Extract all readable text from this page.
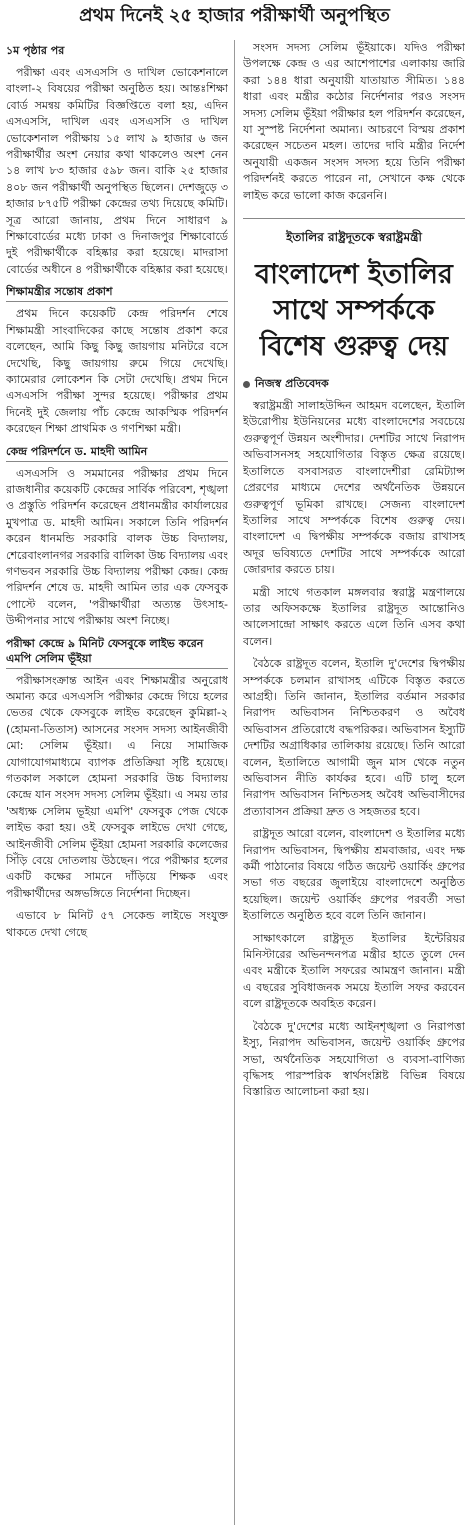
প্রথম দিনেই ২৫ হাজার পরীক্ষার্থী অনুপস্থিত
১ম পৃষ্ঠার পর

পরীক্ষা এবং এসএসসি ও দাখিল ভোকেশনালে বাংলা-২ বিষয়ের পরীক্ষা অনুষ্ঠিত হয়। আন্তঃশিক্ষা বোর্ড সমন্বয় কমিটির বিজ্ঞপ্তিতে বলা হয়, এদিন এসএসসি, দাখিল এবং এসএসসি ও দাখিল ভোকেশনাল পরীক্ষায় ১৫ লাখ ৯ হাজার ৬ জন পরীক্ষার্থীর অংশ নেয়ার কথা থাকলেও অংশ নেন ১৪ লাখ ৮৩ হাজার ৫৯৮ জন। বাকি ২৫ হাজার ৪০৮ জন পরীক্ষার্থী অনুপস্থিত ছিলেন। দেশজুড়ে ৩ হাজার ৮৭৫টি পরীক্ষা কেন্দ্রের তথ্য দিয়েছে কমিটি। সূত্র আরো জানায়, প্রথম দিনে সাধারণ ৯ শিক্ষাবোর্ডের মধ্যে ঢাকা ও দিনাজপুর শিক্ষাবোর্ডে দুই পরীক্ষার্থীকে বহিষ্কার করা হয়েছে। মাদরাসা বোর্ডের অধীনে ৪ পরীক্ষার্থীকে বহিষ্কার করা হয়েছে।

শিক্ষামন্ত্রীর সন্তোষ প্রকাশ

প্রথম দিনে কয়েকটি কেন্দ্র পরিদর্শন শেষে শিক্ষামন্ত্রী সাংবাদিকের কাছে সন্তোষ প্রকাশ করে বলেছেন, আমি কিছু কিছু জায়গায় মনিটরে বসে দেখেছি, কিছু জায়গায় রুমে গিয়ে দেখেছি। ক্যামেরার লোকেশন কি সেটা দেখেছি। প্রথম দিনে এসএসসি পরীক্ষা সুন্দর হয়েছে। পরীক্ষার প্রথম দিনেই দুই জেলায় পাঁচ কেন্দ্রে আকস্মিক পরিদর্শন করেছেন শিক্ষা প্রাথমিক ও গণশিক্ষা মন্ত্রী।

কেন্দ্র পরিদর্শনে ড. মাহদী আমিন

এসএসসি ও সমমানের পরীক্ষার প্রথম দিনে রাজধানীর কয়েকটি কেন্দ্রের সার্বিক পরিবেশ, শৃঙ্খলা ও প্রস্তুতি পরিদর্শন করেছেন প্রধানমন্ত্রীর কার্যালয়ের মুখপাত্র ড. মাহদী আমিন। সকালে তিনি পরিদর্শন করেন ধানমন্ডি সরকারি বালক উচ্চ বিদ্যালয়, শেরেবাংলানগর সরকারি বালিকা উচ্চ বিদ্যালয় এবং গণভবন সরকারি উচ্চ বিদ্যালয় পরীক্ষা কেন্দ্র। কেন্দ্র পরিদর্শন শেষে ড. মাহদী আমিন তার এক ফেসবুক পোস্টে বলেন, 'পরীক্ষার্থীরা অত্যন্ত উৎসাহ-উদ্দীপনার সাথে পরীক্ষায় অংশ নিচ্ছে।

পরীক্ষা কেন্দ্রে ৯ মিনিট ফেসবুকে লাইভ করেন এমপি সেলিম ভূঁইয়া

পরীক্ষাসংক্রান্ত আইন এবং শিক্ষামন্ত্রীর অনুরোধ অমান্য করে এসএসসি পরীক্ষার কেন্দ্রে গিয়ে হলের ভেতর থেকে ফেসবুকে লাইভ করেছেন কুমিল্লা-২ (হোমনা-তিতাস) আসনের সংসদ সদস্য আইনজীবী মো: সেলিম ভূঁইয়া। এ নিয়ে সামাজিক যোগাযোগমাধ্যমে ব্যাপক প্রতিক্রিয়া সৃষ্টি হয়েছে। গতকাল সকালে হোমনা সরকারি উচ্চ বিদ্যালয় কেন্দ্রে যান সংসদ সদস্য সেলিম ভূঁইয়া। এ সময় তার 'অধ্যক্ষ সেলিম ভূইয়া এমপি' ফেসবুক পেজ থেকে লাইভ করা হয়। ওই ফেসবুক লাইভে দেখা গেছে, আইনজীবী সেলিম ভূঁইয়া হোমনা সরকারি কলেজের সিঁড়ি বেয়ে দোতলায় উঠছেন। পরে পরীক্ষার হলের একটি কক্ষের সামনে দাঁড়িয়ে শিক্ষক এবং পরীক্ষার্থীদের অঙ্গভঙ্গিতে নির্দেশনা দিচ্ছেন।

এভাবে ৮ মিনিট ৫৭ সেকেন্ড লাইভে সংযুক্ত থাকতে দেখা গেছে

সংসদ সদস্য সেলিম ভূঁইয়াকে। যদিও পরীক্ষা উপলক্ষে কেন্দ্র ও এর আশেপাশের এলাকায় জারি করা ১৪৪ ধারা অনুযায়ী যাতায়াত সীমিত। ১৪৪ ধারা এবং মন্ত্রীর কঠোর নির্দেশনার পরও সংসদ সদস্য সেলিম ভূঁইয়া পরীক্ষার হল পরিদর্শন করেছেন, যা সুস্পষ্ট নির্দেশনা অমান্য। আচরণে বিস্ময় প্রকাশ করেছেন সচেতন মহল। তাদের দাবি মন্ত্রীর নির্দেশ অনুযায়ী একজন সংসদ সদস্য হয়ে তিনি পরীক্ষা পরিদর্শনই করতে পারেন না, সেখানে কক্ষ থেকে লাইভ করে ভালো কাজ করেননি।

ইতালির রাষ্ট্রদূতকে স্বরাষ্ট্রমন্ত্রী
বাংলাদেশ ইতালির সাথে সম্পর্ককে বিশেষ গুরুত্ব দেয়
নিজস্ব প্রতিবেদক

স্বরাষ্ট্রমন্ত্রী সালাহউদ্দিন আহমদ বলেছেন, ইতালি ইউরোপীয় ইউনিয়নের মধ্যে বাংলাদেশের সবচেয়ে গুরুত্বপূর্ণ উন্নয়ন অংশীদার। দেশটির সাথে নিরাপদ অভিবাসনসহ সহযোগিতার বিস্তৃত ক্ষেত্র রয়েছে। ইতালিতে বসবাসরত বাংলাদেশীরা রেমিট্যান্স প্রেরণের মাধ্যমে দেশের অর্থনৈতিক উন্নয়নে গুরুত্বপূর্ণ ভূমিকা রাখছে। সেজন্য বাংলাদেশ ইতালির সাথে সম্পর্ককে বিশেষ গুরুত্ব দেয়। বাংলাদেশ এ দ্বিপক্ষীয় সম্পর্ককে বজায় রাখাসহ অদূর ভবিষ্যতে দেশটির সাথে সম্পর্ককে আরো জোরদার করতে চায়।

মন্ত্রী সাথে গতকাল মঙ্গলবার স্বরাষ্ট্র মন্ত্রণালয়ে তার অফিসকক্ষে ইতালির রাষ্ট্রদূত আন্তোনিও আলেসান্দ্রো সাক্ষাৎ করতে এলে তিনি এসব কথা বলেন।

বৈঠকে রাষ্ট্রদূত বলেন, ইতালি দু'দেশের দ্বিপক্ষীয় সম্পর্ককে চলমান রাখাসহ এটিকে বিস্তৃত করতে আগ্রহী। তিনি জানান, ইতালির বর্তমান সরকার নিরাপদ অভিবাসন নিশ্চিতকরণ ও অবৈধ অভিবাসন প্রতিরোধে বদ্ধপরিকর। অভিবাসন ইস্যুটি দেশটির অগ্রাধিকার তালিকায় রয়েছে। তিনি আরো বলেন, ইতালিতে আগামী জুন মাস থেকে নতুন অভিবাসন নীতি কার্যকর হবে। এটি চালু হলে নিরাপদ অভিবাসন নিশ্চিতসহ অবৈধ অভিবাসীদের প্রত্যাবাসন প্রক্রিয়া দ্রুত ও সহজতর হবে।

রাষ্ট্রদূত আরো বলেন, বাংলাদেশ ও ইতালির মধ্যে নিরাপদ অভিবাসন, দ্বিপক্ষীয় শ্রমবাজার, এবং দক্ষ কর্মী পাঠানোর বিষয়ে গঠিত জয়েন্ট ওয়ার্কিং গ্রুপের সভা গত বছরের জুলাইয়ে বাংলাদেশে অনুষ্ঠিত হয়েছিল। জয়েন্ট ওয়ার্কিং গ্রুপের পরবর্তী সভা ইতালিতে অনুষ্ঠিত হবে বলে তিনি জানান।

সাক্ষাৎকালে রাষ্ট্রদূত ইতালির ইন্টেরিয়র মিনিস্টারের অভিনন্দনপত্র মন্ত্রীর হাতে তুলে দেন এবং মন্ত্রীকে ইতালি সফরের আমন্ত্রণ জানান। মন্ত্রী এ বছরের সুবিধাজনক সময়ে ইতালি সফর করবেন বলে রাষ্ট্রদূতকে অবহিত করেন।

বৈঠকে দু'দেশের মধ্যে আইনশৃঙ্খলা ও নিরাপত্তা ইস্যু, নিরাপদ অভিবাসন, জয়েন্ট ওয়ার্কিং গ্রুপের সভা, অর্থনৈতিক সহযোগিতা ও ব্যবসা-বাণিজ্য বৃদ্ধিসহ পারস্পরিক স্বার্থসংশ্লিষ্ট বিভিন্ন বিষয়ে বিস্তারিত আলোচনা করা হয়।
